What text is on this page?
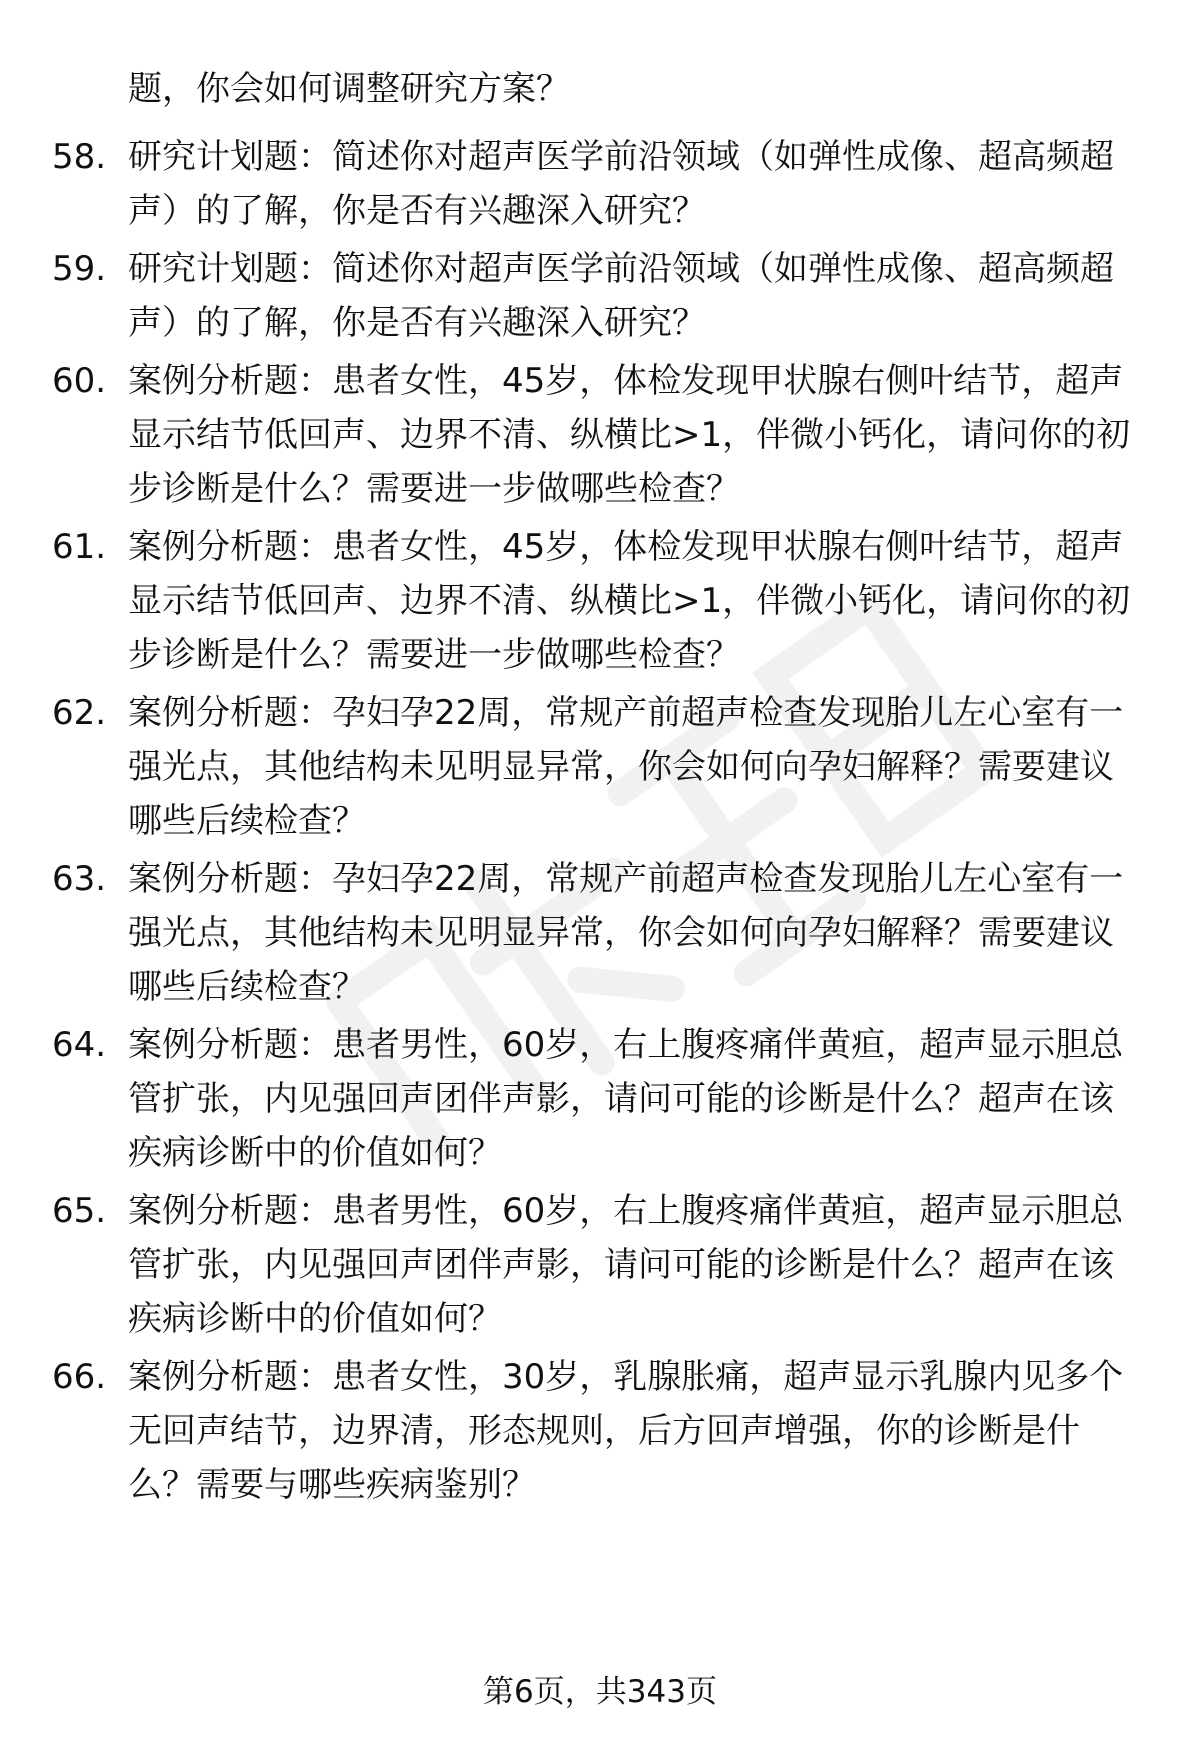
题，你会如何调整研究方案？

58. 研究计划题：简述你对超声医学前沿领域（如弹性成像、超高频超声）的了解，你是否有兴趣深入研究？
59. 研究计划题：简述你对超声医学前沿领域（如弹性成像、超高频超声）的了解，你是否有兴趣深入研究？
60. 案例分析题：患者女性，45岁，体检发现甲状腺右侧叶结节，超声显示结节低回声、边界不清、纵横比>1，伴微小钙化，请问你的初步诊断是什么？需要进一步做哪些检查？
61. 案例分析题：患者女性，45岁，体检发现甲状腺右侧叶结节，超声显示结节低回声、边界不清、纵横比>1，伴微小钙化，请问你的初步诊断是什么？需要进一步做哪些检查？
62. 案例分析题：孕妇孕22周，常规产前超声检查发现胎儿左心室有一强光点，其他结构未见明显异常，你会如何向孕妇解释？需要建议哪些后续检查？
63. 案例分析题：孕妇孕22周，常规产前超声检查发现胎儿左心室有一强光点，其他结构未见明显异常，你会如何向孕妇解释？需要建议哪些后续检查？
64. 案例分析题：患者男性，60岁，右上腹疼痛伴黄疸，超声显示胆总管扩张，内见强回声团伴声影，请问可能的诊断是什么？超声在该疾病诊断中的价值如何？
65. 案例分析题：患者男性，60岁，右上腹疼痛伴黄疸，超声显示胆总管扩张，内见强回声团伴声影，请问可能的诊断是什么？超声在该疾病诊断中的价值如何？
66. 案例分析题：患者女性，30岁，乳腺胀痛，超声显示乳腺内见多个无回声结节，边界清，形态规则，后方回声增强，你的诊断是什么？需要与哪些疾病鉴别？
第6页，共343页
